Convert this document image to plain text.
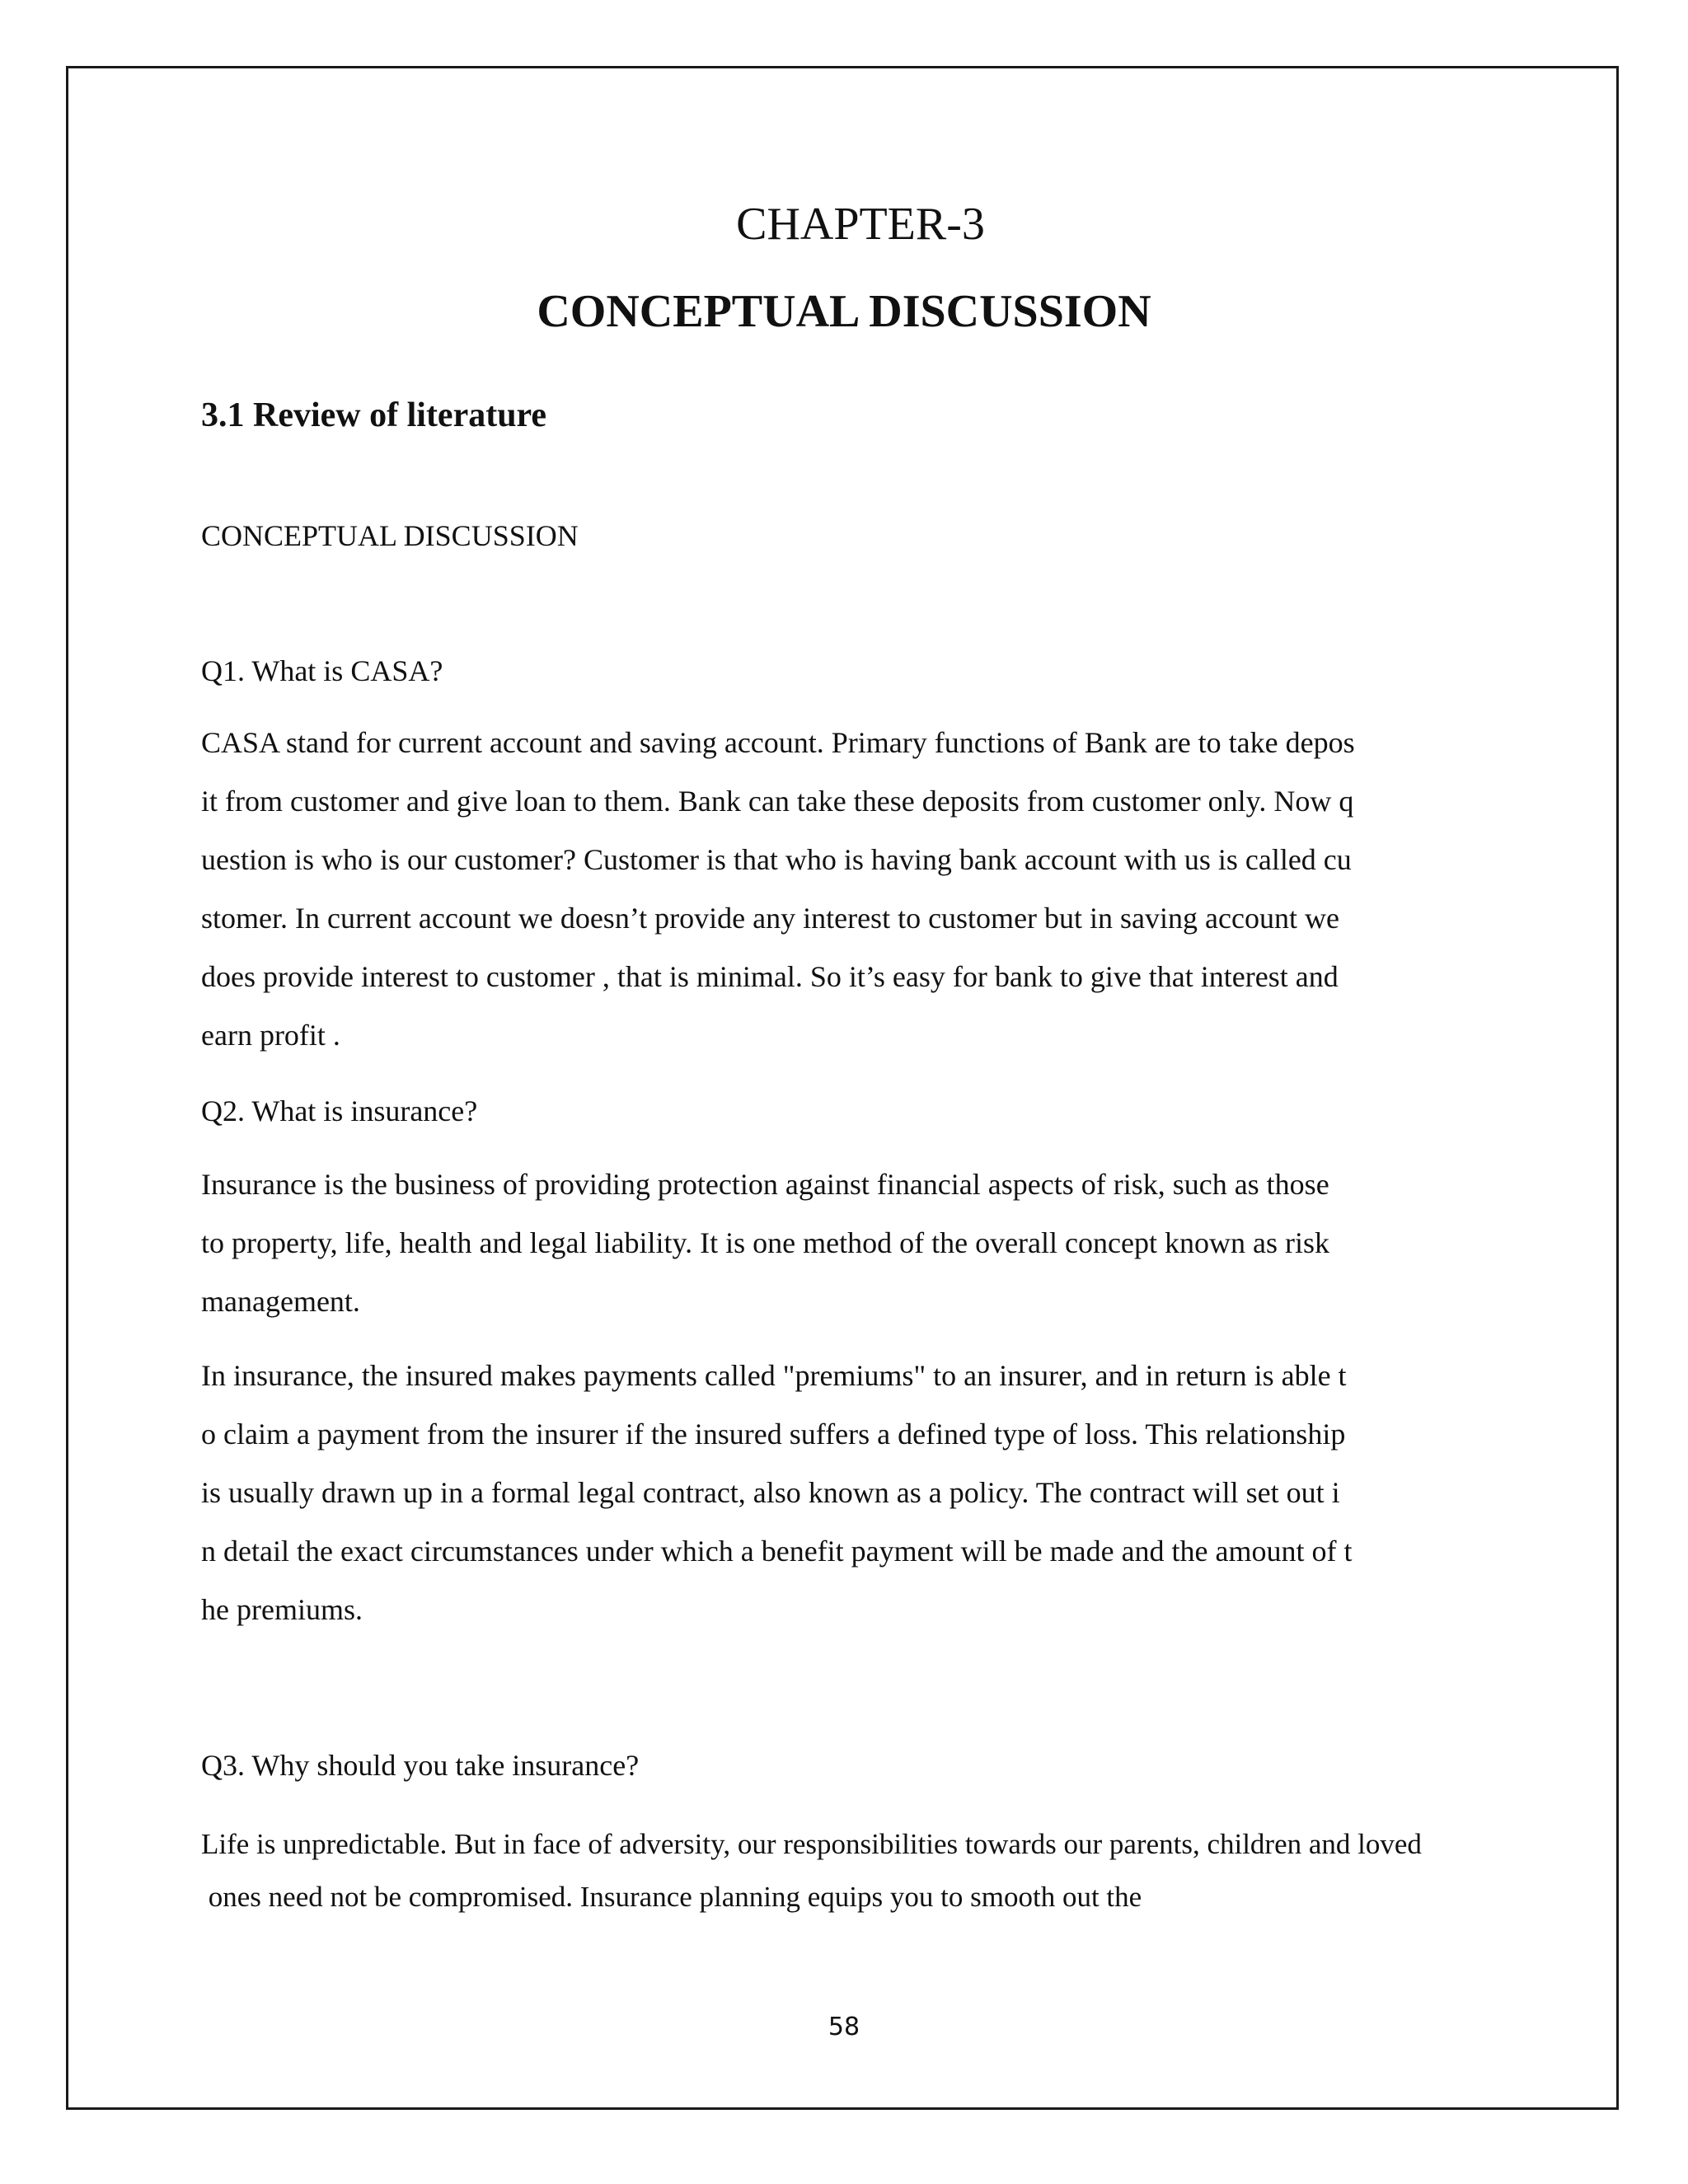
CHAPTER-3
CONCEPTUAL DISCUSSION
3.1 Review of literature

CONCEPTUAL DISCUSSION

Q1. What is CASA?

CASA stand for current account and saving account. Primary functions of Bank are to take depos
it from customer and give loan to them. Bank can take these deposits from customer only. Now q
uestion is who is our customer? Customer is that who is having bank account with us is called cu
stomer. In current account we doesn’t provide any interest to customer but in saving account we
does provide interest to customer , that is minimal. So it’s easy for bank to give that interest and
earn profit .

Q2. What is insurance?

Insurance is the business of providing protection against financial aspects of risk, such as those
to property, life, health and legal liability. It is one method of the overall concept known as risk
management.
In insurance, the insured makes payments called "premiums" to an insurer, and in return is able t
o claim a payment from the insurer if the insured suffers a defined type of loss. This relationship
is usually drawn up in a formal legal contract, also known as a policy. The contract will set out i
n detail the exact circumstances under which a benefit payment will be made and the amount of t
he premiums.

Q3. Why should you take insurance?

Life is unpredictable. But in face of adversity, our responsibilities towards our parents, children and loved
ones need not be compromised. Insurance planning equips you to smooth out the

58
